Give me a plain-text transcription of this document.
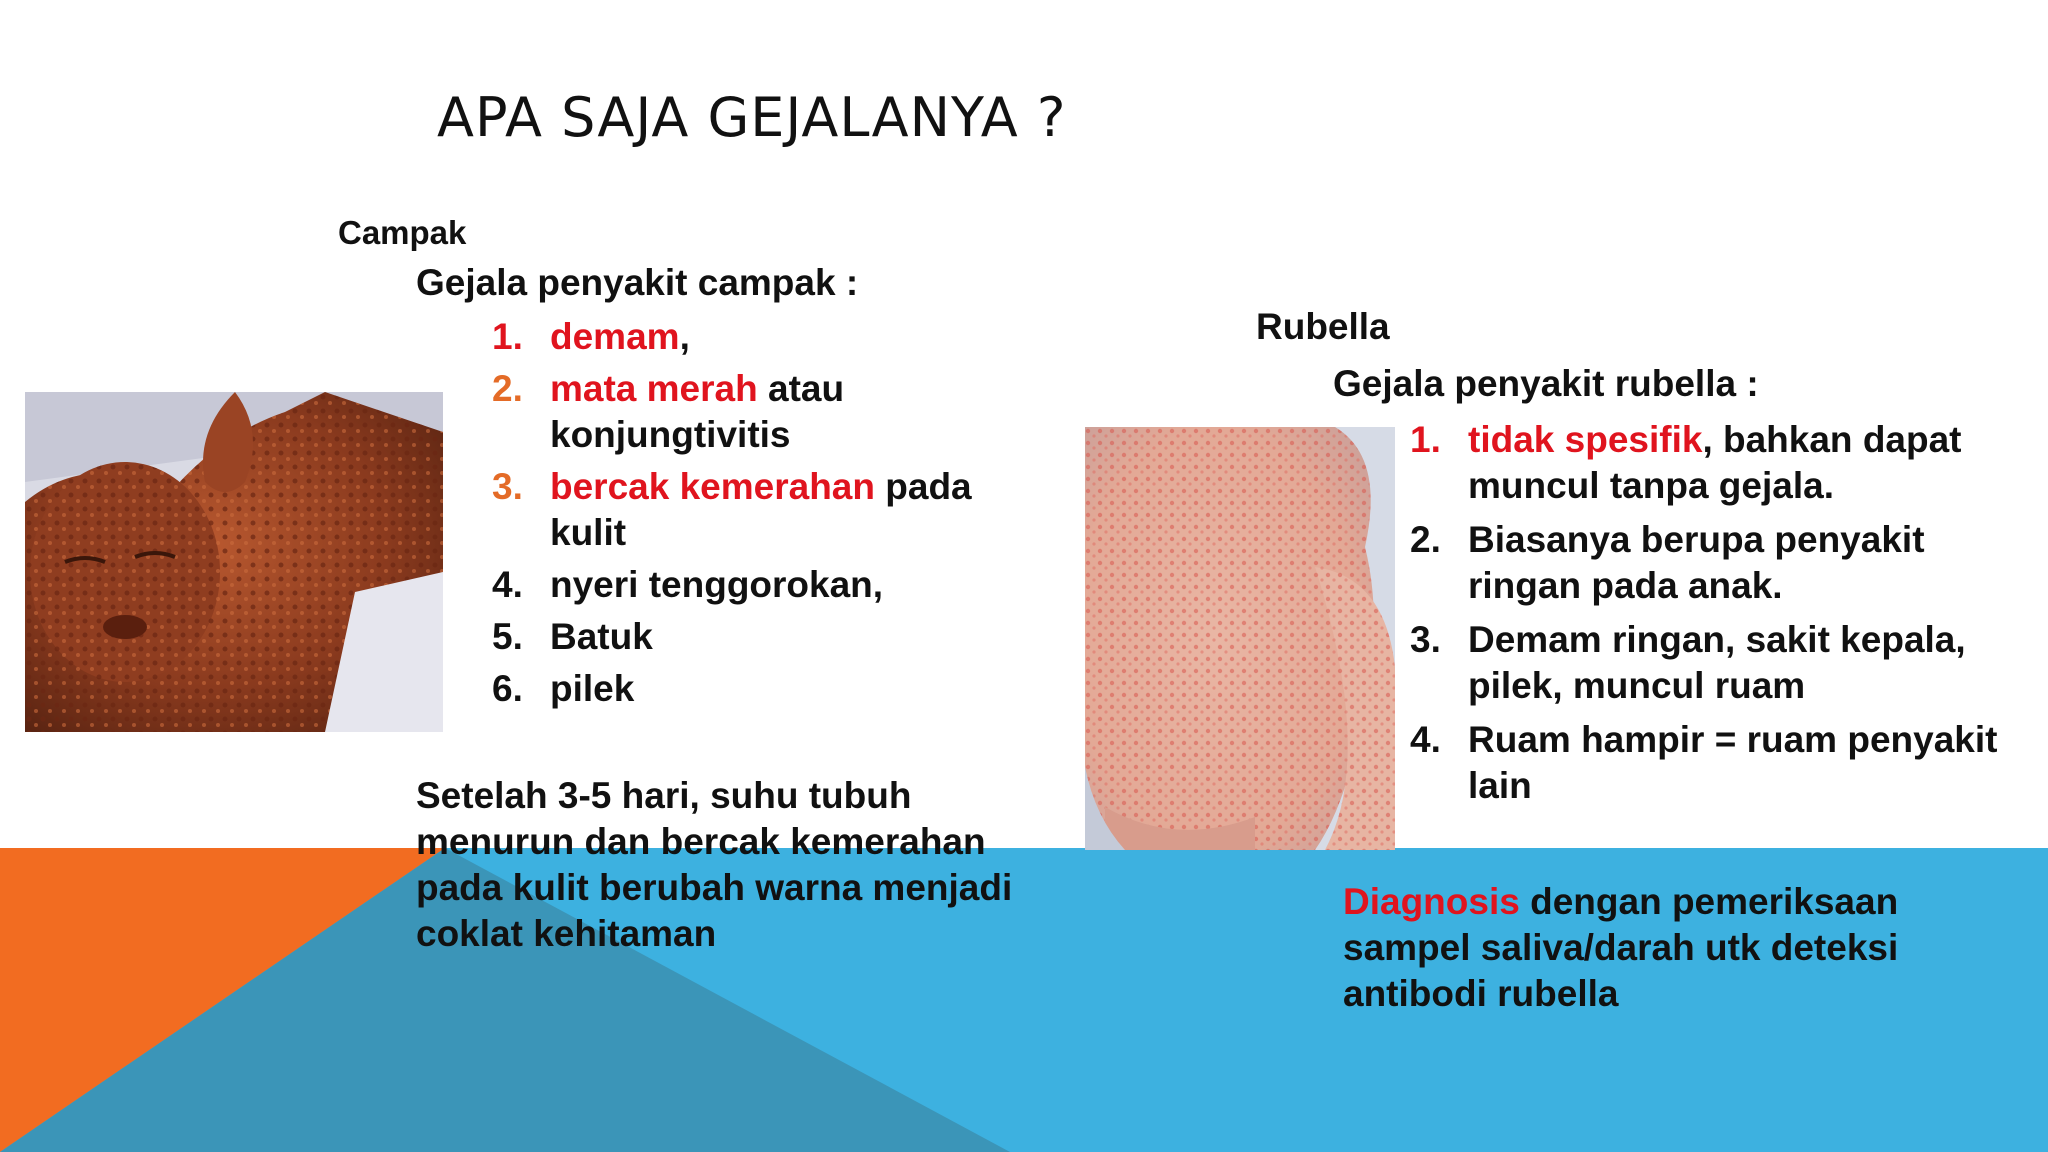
APA SAJA GEJALANYA ?

Campak

Gejala penyakit campak :

1. demam,
2. mata merah atau konjungtivitis
3. bercak kemerahan pada kulit
4. nyeri tenggorokan,
5. Batuk
6. pilek

Setelah 3-5 hari, suhu tubuh menurun dan bercak kemerahan pada kulit berubah warna menjadi coklat kehitaman

Rubella

Gejala penyakit rubella :

1. tidak spesifik, bahkan dapat muncul tanpa gejala.
2. Biasanya berupa penyakit ringan pada anak.
3. Demam ringan, sakit kepala, pilek, muncul ruam
4. Ruam hampir = ruam penyakit lain

Diagnosis dengan pemeriksaan sampel saliva/darah utk deteksi antibodi rubella
